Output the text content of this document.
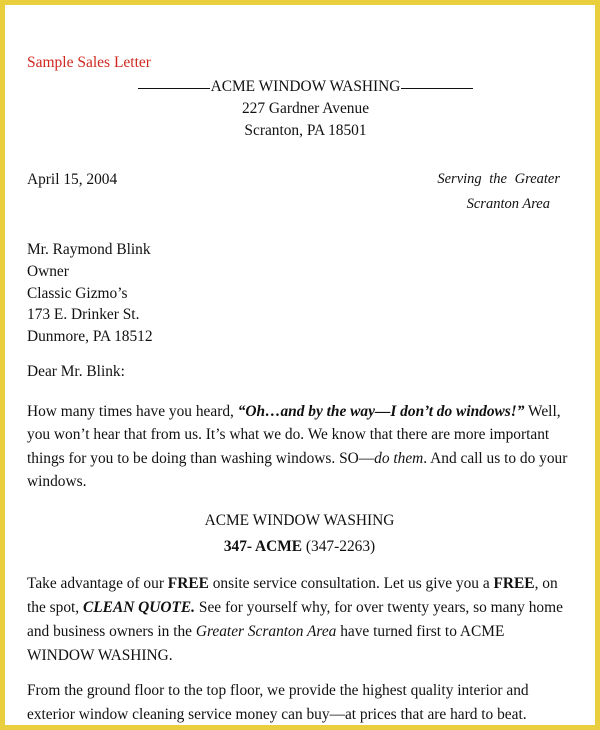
Sample Sales Letter
ACME WINDOW WASHING
227 Gardner Avenue
Scranton, PA 18501
April 15, 2004	Serving the Greater
Scranton Area
Mr. Raymond Blink
Owner
Classic Gizmo’s
173 E. Drinker St.
Dunmore, PA 18512
Dear Mr. Blink:
How many times have you heard, “Oh…and by the way—I don’t do windows!” Well, you won’t hear that from us. It’s what we do. We know that there are more important things for you to be doing than washing windows. SO—do them. And call us to do your windows.
ACME WINDOW WASHING
347- ACME (347-2263)
Take advantage of our FREE onsite service consultation. Let us give you a FREE, on the spot, CLEAN QUOTE. See for yourself why, for over twenty years, so many home and business owners in the Greater Scranton Area have turned first to ACME WINDOW WASHING.
From the ground floor to the top floor, we provide the highest quality interior and exterior window cleaning service money can buy—at prices that are hard to beat.
